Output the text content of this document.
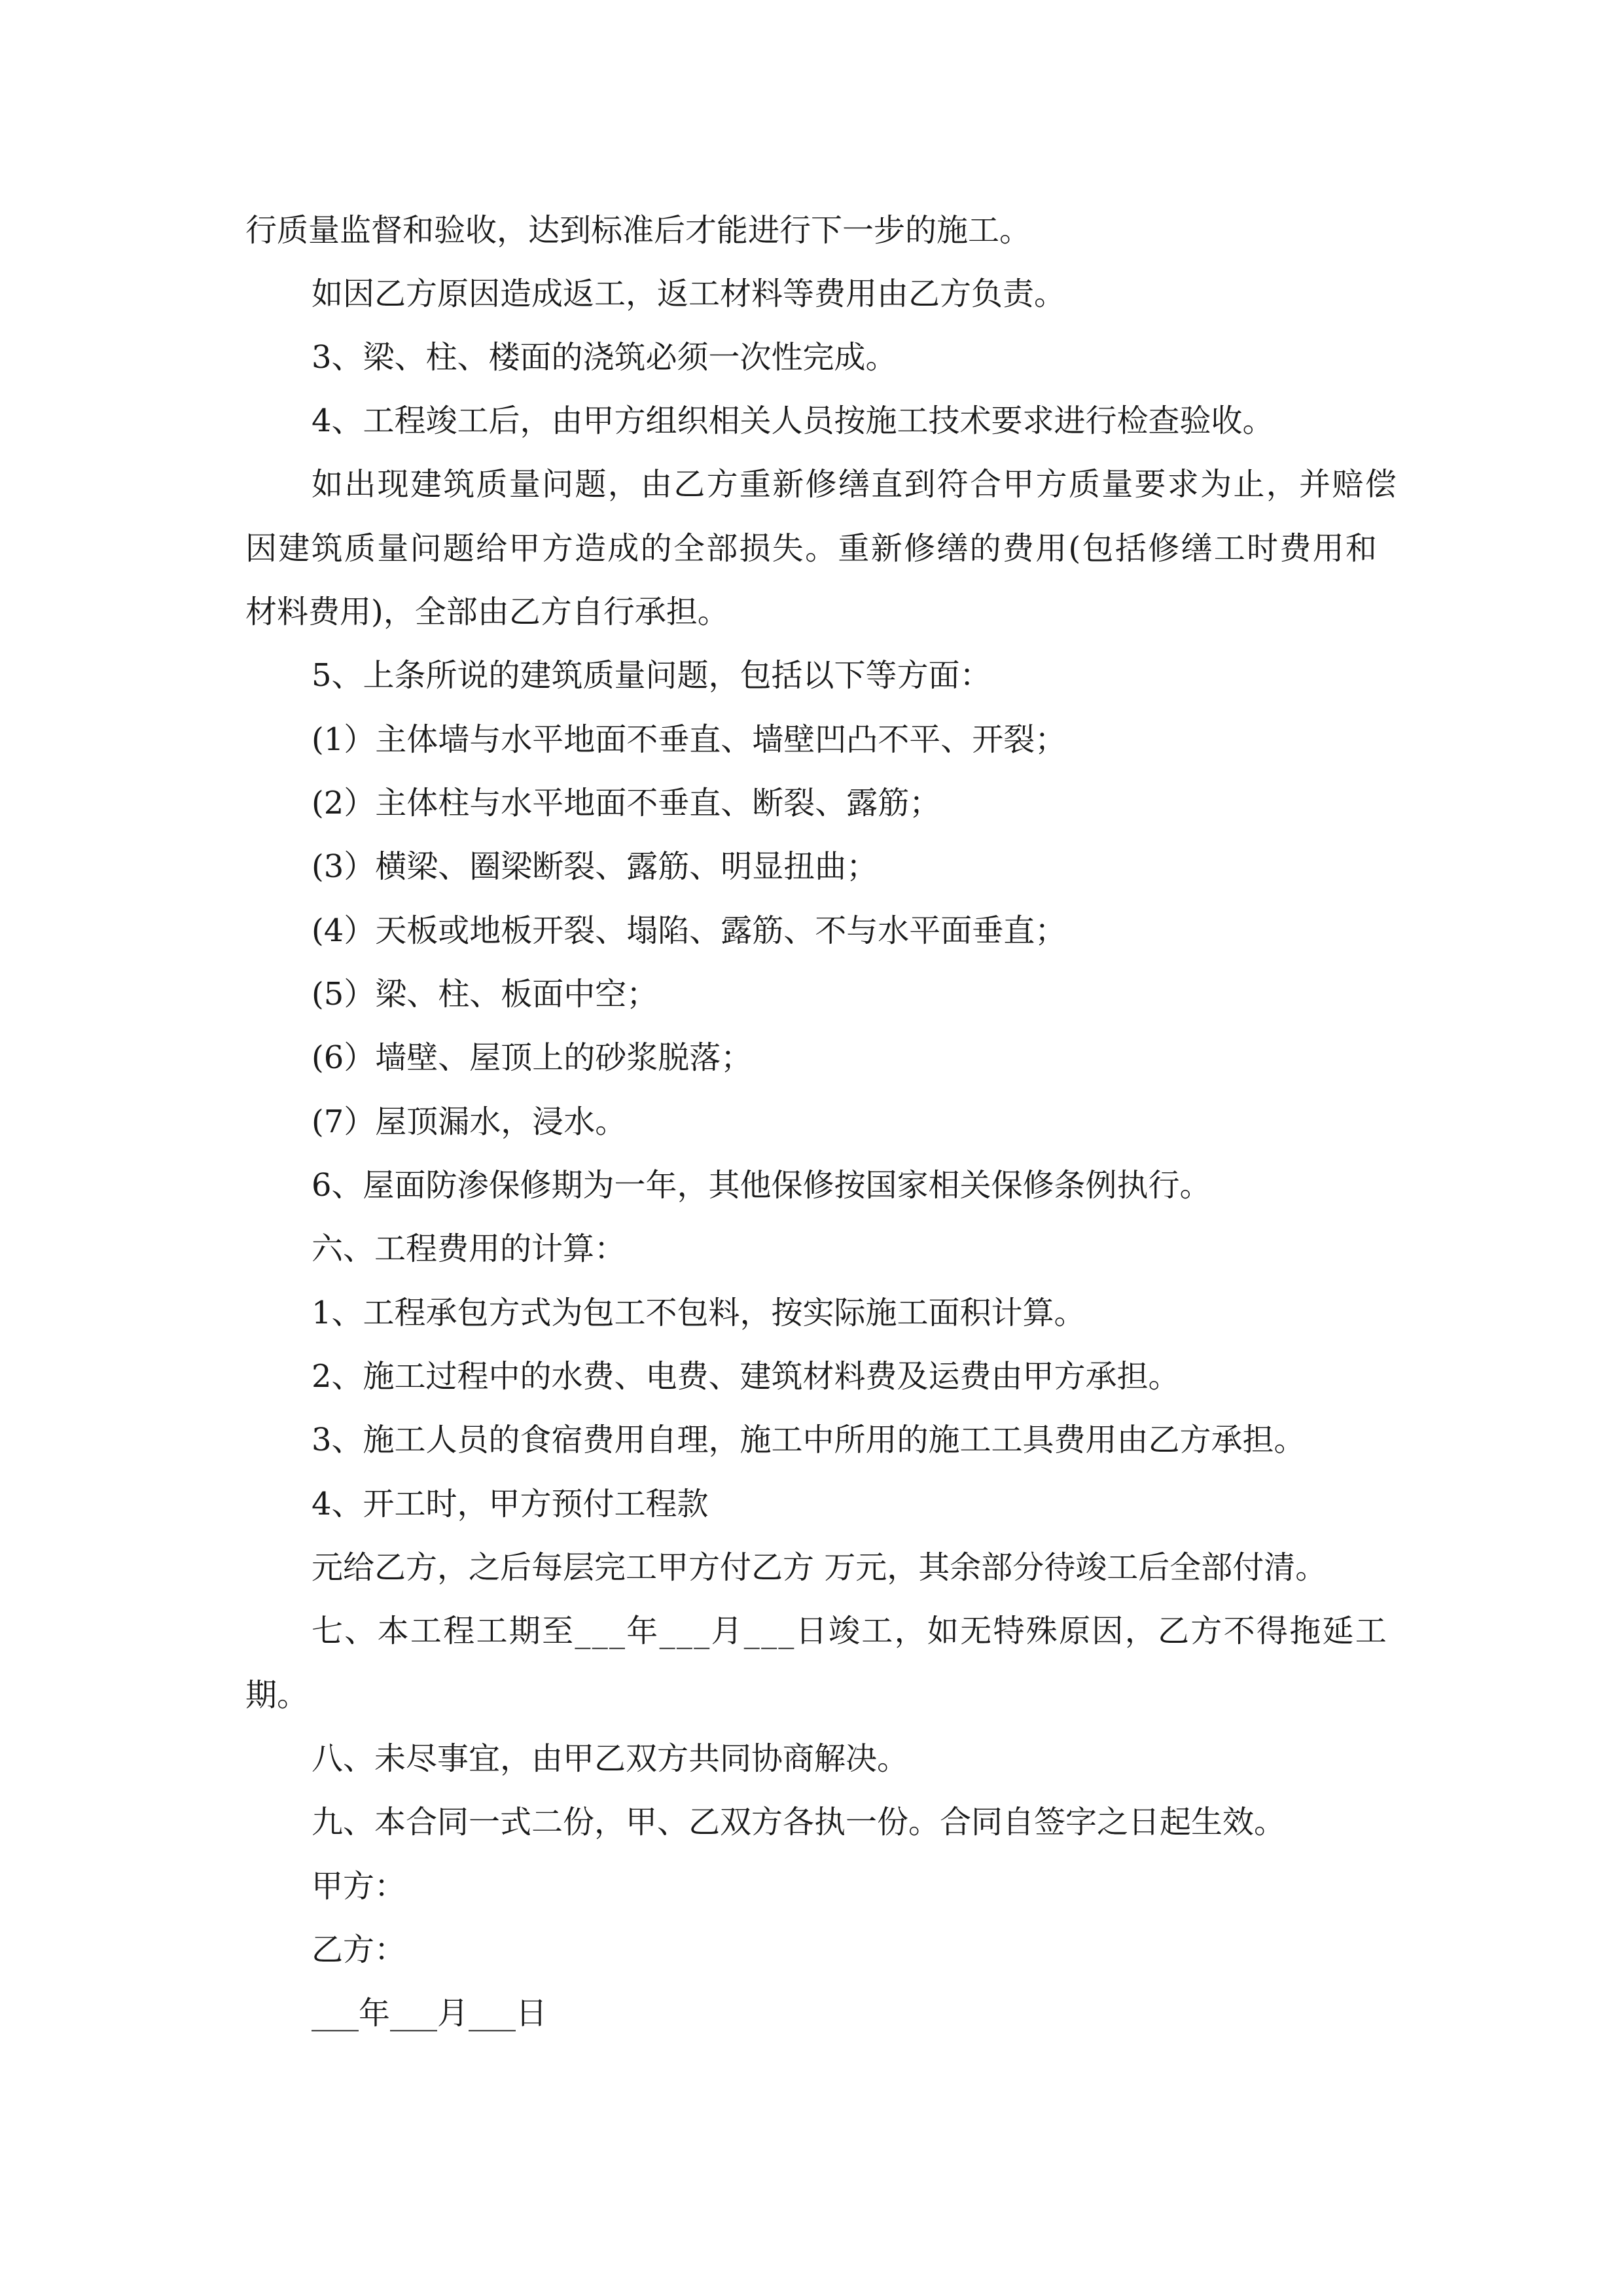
行质量监督和验收，达到标准后才能进行下一步的施工。
如因乙方原因造成返工，返工材料等费用由乙方负责。
3、梁、柱、楼面的浇筑必须一次性完成。
4、工程竣工后，由甲方组织相关人员按施工技术要求进行检查验收。
如出现建筑质量问题，由乙方重新修缮直到符合甲方质量要求为止，并赔偿
因建筑质量问题给甲方造成的全部损失。重新修缮的费用(包括修缮工时费用和
材料费用)，全部由乙方自行承担。
5、上条所说的建筑质量问题，包括以下等方面：
(1）主体墙与水平地面不垂直、墙壁凹凸不平、开裂；
(2）主体柱与水平地面不垂直、断裂、露筋；
(3）横梁、圈梁断裂、露筋、明显扭曲；
(4）天板或地板开裂、塌陷、露筋、不与水平面垂直；
(5）梁、柱、板面中空；
(6）墙壁、屋顶上的砂浆脱落；
(7）屋顶漏水，浸水。
6、屋面防渗保修期为一年，其他保修按国家相关保修条例执行。
六、工程费用的计算：
1、工程承包方式为包工不包料，按实际施工面积计算。
2、施工过程中的水费、电费、建筑材料费及运费由甲方承担。
3、施工人员的食宿费用自理，施工中所用的施工工具费用由乙方承担。
4、开工时，甲方预付工程款
元给乙方，之后每层完工甲方付乙方 万元，其余部分待竣工后全部付清。
七、本工程工期至___年___月___日竣工，如无特殊原因，乙方不得拖延工
期。
八、未尽事宜，由甲乙双方共同协商解决。
九、本合同一式二份，甲、乙双方各执一份。合同自签字之日起生效。
甲方：
乙方：
___年___月___日
